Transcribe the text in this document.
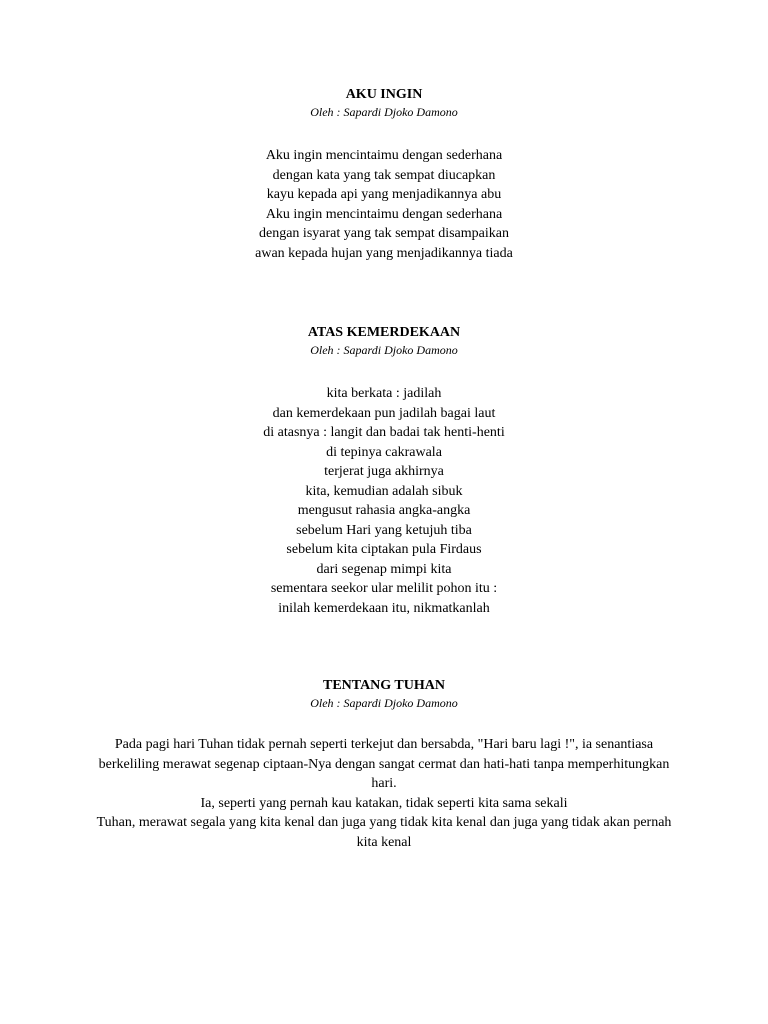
AKU INGIN
Oleh : Sapardi Djoko Damono
Aku ingin mencintaimu dengan sederhana
dengan kata yang tak sempat diucapkan
kayu kepada api yang menjadikannya abu
Aku ingin mencintaimu dengan sederhana
dengan isyarat yang tak sempat disampaikan
awan kepada hujan yang menjadikannya tiada
ATAS KEMERDEKAAN
Oleh : Sapardi Djoko Damono
kita berkata : jadilah
dan kemerdekaan pun jadilah bagai laut
di atasnya : langit dan badai tak henti-henti
di tepinya cakrawala
terjerat juga akhirnya
kita, kemudian adalah sibuk
mengusut rahasia angka-angka
sebelum Hari yang ketujuh tiba
sebelum kita ciptakan pula Firdaus
dari segenap mimpi kita
sementara seekor ular melilit pohon itu :
inilah kemerdekaan itu, nikmatkanlah
TENTANG TUHAN
Oleh : Sapardi Djoko Damono

Pada pagi hari Tuhan tidak pernah seperti terkejut dan bersabda, "Hari baru lagi !", ia senantiasa berkeliling merawat segenap ciptaan-Nya dengan sangat cermat dan hati-hati tanpa memperhitungkan hari.

Ia, seperti yang pernah kau katakan, tidak seperti kita sama sekali

Tuhan, merawat segala yang kita kenal dan juga yang tidak kita kenal dan juga yang tidak akan pernah kita kenal
